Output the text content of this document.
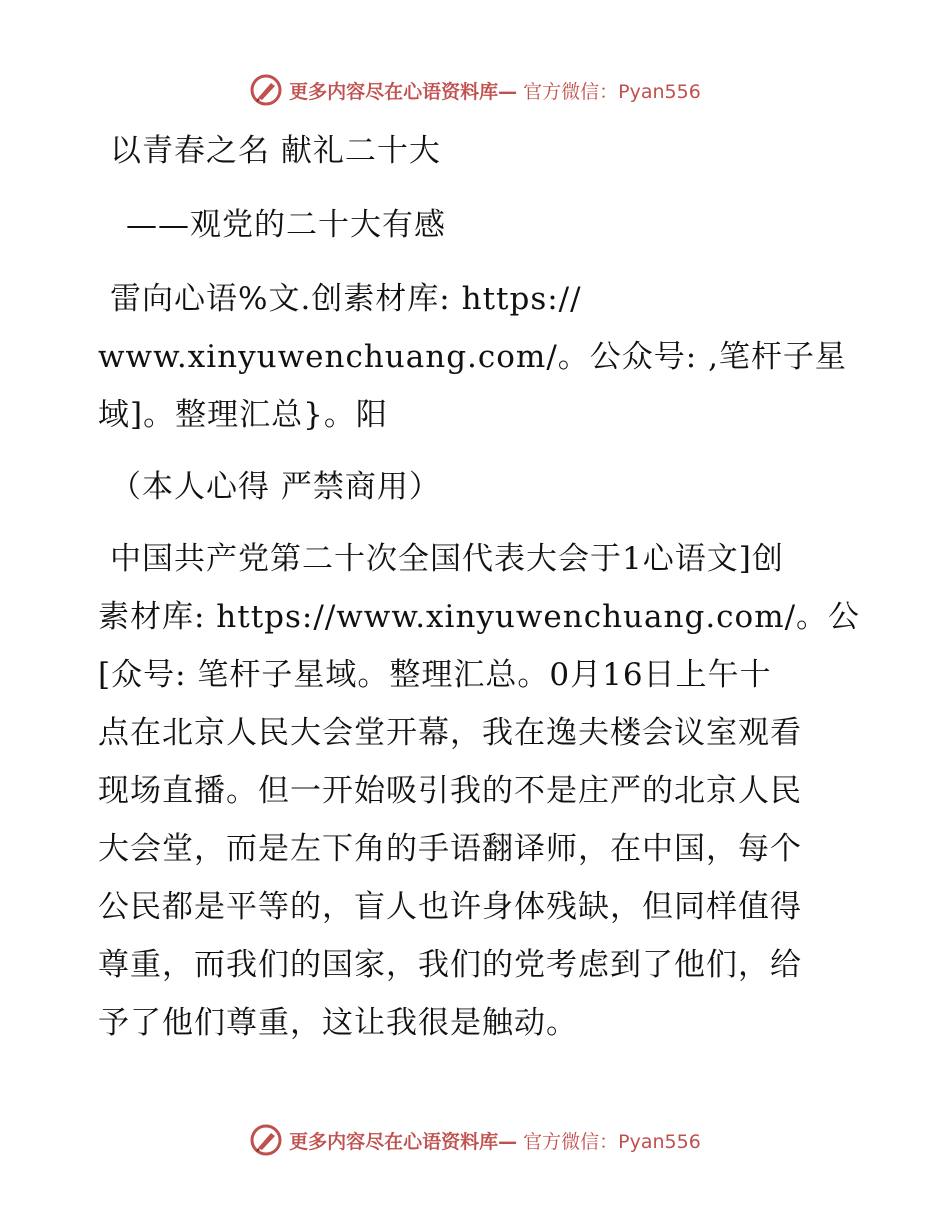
更多内容尽在心语资料库— 官方微信：Pyan556
以青春之名 献礼二十大
——观党的二十大有感
雷向心语%文.创素材库: https://
www.xinyuwenchuang.com/。公众号: ,笔杆子星
域]。整理汇总}。阳
（本人心得 严禁商用）
中国共产党第二十次全国代表大会于1心语文]创
素材库: https://www.xinyuwenchuang.com/。公
[众号: 笔杆子星域。整理汇总。0月16日上午十
点在北京人民大会堂开幕，我在逸夫楼会议室观看
现场直播。但一开始吸引我的不是庄严的北京人民
大会堂，而是左下角的手语翻译师，在中国，每个
公民都是平等的，盲人也许身体残缺，但同样值得
尊重，而我们的国家，我们的党考虑到了他们，给
予了他们尊重，这让我很是触动。
更多内容尽在心语资料库— 官方微信：Pyan556
